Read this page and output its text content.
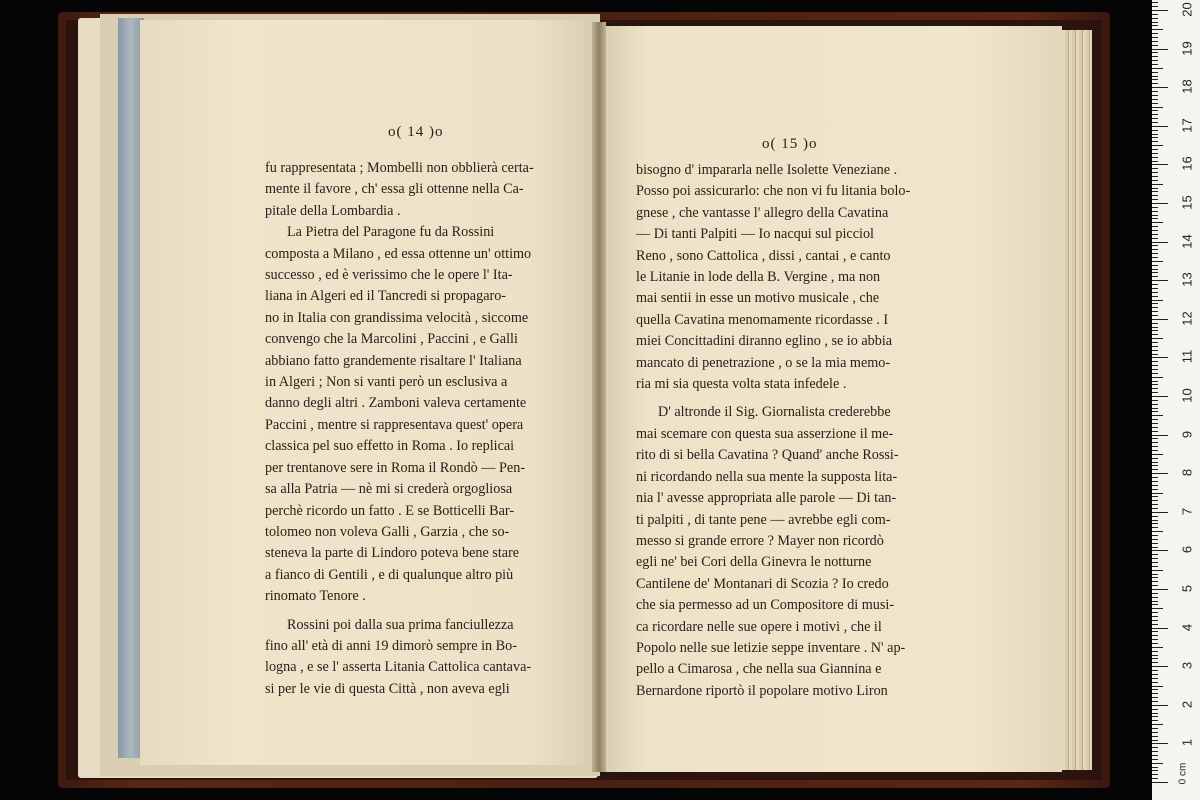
o( 14 )o
o( 15 )o
fu rappresentata ; Mombelli non obblierà certa-
mente il favore , ch' essa gli ottenne nella Ca-
pitale della Lombardia .
La Pietra del Paragone fu da Rossini
composta a Milano , ed essa ottenne un' ottimo
successo , ed è verissimo che le opere l' Ita-
liana in Algeri ed il Tancredi si propagaro-
no in Italia con grandissima velocità , siccome
convengo che la Marcolini , Paccini , e Galli
abbiano fatto grandemente risaltare l' Italiana
in Algeri ; Non si vanti però un esclusiva a
danno degli altri . Zamboni valeva certamente
Paccini , mentre si rappresentava quest' opera
classica pel suo effetto in Roma . Io replicai
per trentanove sere in Roma il Rondò — Pen-
sa alla Patria — nè mi si crederà orgogliosa
perchè ricordo un fatto . E se Botticelli Bar-
tolomeo non voleva Galli , Garzia , che so-
steneva la parte di Lindoro poteva bene stare
a fianco di Gentili , e di qualunque altro più
rinomato Tenore .
Rossini poi dalla sua prima fanciullezza
fino all' età di anni 19 dimorò sempre in Bo-
logna , e se l' asserta Litania Cattolica cantava-
si per le vie di questa Città , non aveva egli
bisogno d' impararla nelle Isolette Veneziane .
Posso poi assicurarlo: che non vi fu litania bolo-
gnese , che vantasse l' allegro della Cavatina
— Di tanti Palpiti — Io nacqui sul picciol
Reno , sono Cattolica , dissi , cantai , e canto
le Litanie in lode della B. Vergine , ma non
mai sentii in esse un motivo musicale , che
quella Cavatina menomamente ricordasse . I
miei Concittadini diranno eglino , se io abbia
mancato di penetrazione , o se la mia memo-
ria mi sia questa volta stata infedele .
D' altronde il Sig. Giornalista crederebbe
mai scemare con questa sua asserzione il me-
rito di si bella Cavatina ? Quand' anche Rossi-
ni ricordando nella sua mente la supposta lita-
nia l' avesse appropriata alle parole — Di tan-
ti palpiti , di tante pene — avrebbe egli com-
messo si grande errore ? Mayer non ricordò
egli ne' bei Cori della Ginevra le notturne
Cantilene de' Montanari di Scozia ? Io credo
che sia permesso ad un Compositore di musi-
ca ricordare nelle sue opere i motivi , che il
Popolo nelle sue letizie seppe inventare . N' ap-
pello a Cimarosa , che nella sua Giannina e
Bernardone riportò il popolare motivo Liron
0 cm
1
2
3
4
5
6
7
8
9
10
11
12
13
14
15
16
17
18
19
20
